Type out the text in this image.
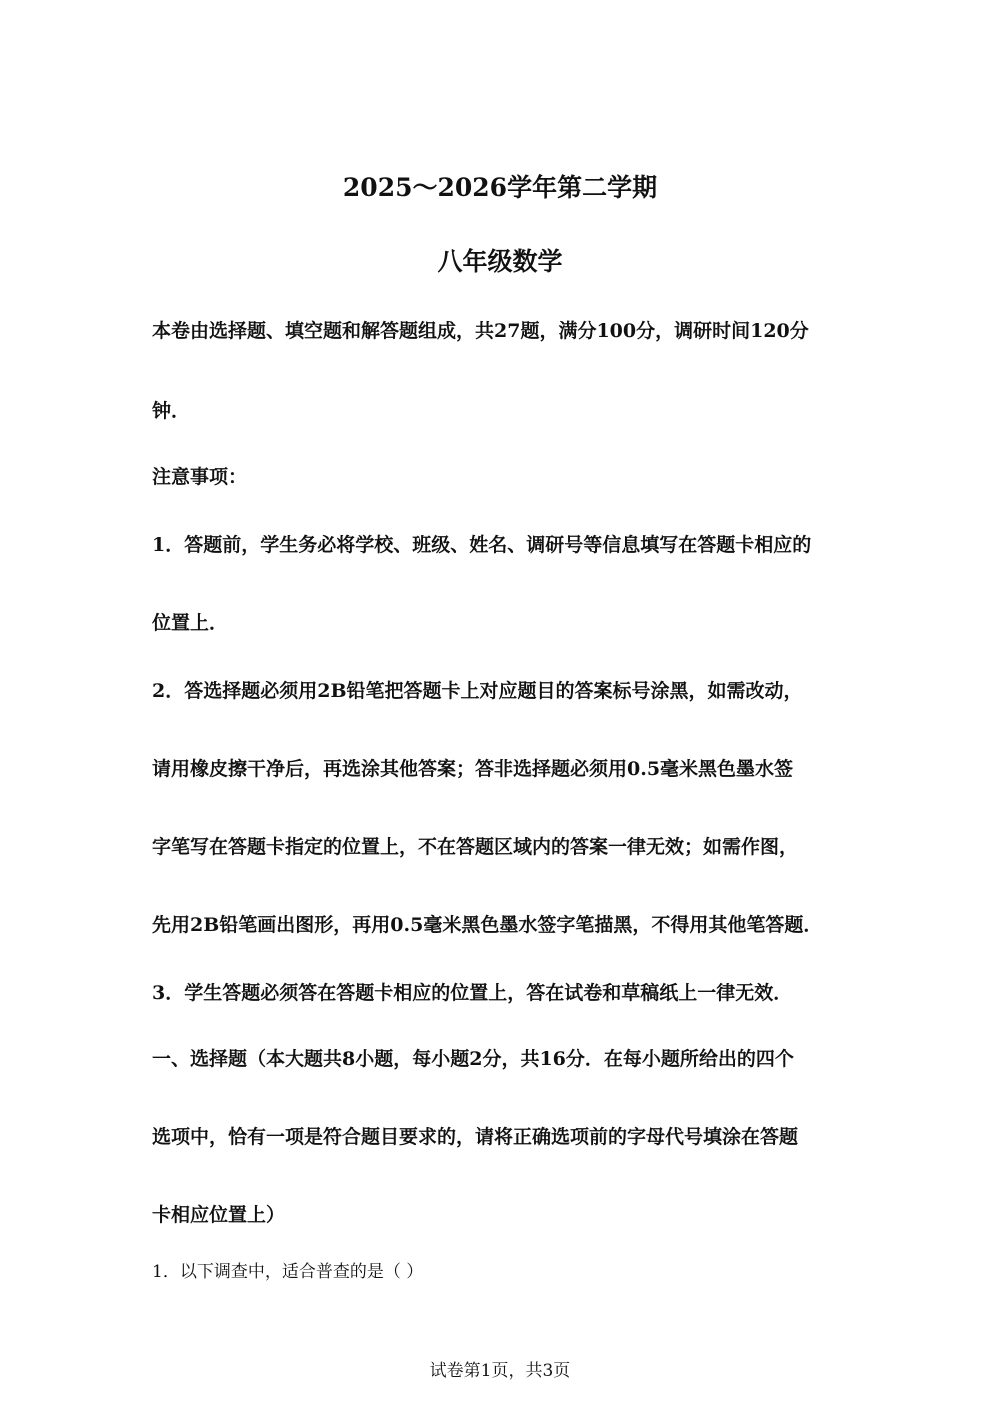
2025～2026学年第二学期
八年级数学
本卷由选择题、填空题和解答题组成，共27题，满分100分，调研时间120分
钟．
注意事项：
1．答题前，学生务必将学校、班级、姓名、调研号等信息填写在答题卡相应的
位置上．
2．答选择题必须用2B铅笔把答题卡上对应题目的答案标号涂黑，如需改动，
请用橡皮擦干净后，再选涂其他答案；答非选择题必须用0.5毫米黑色墨水签
字笔写在答题卡指定的位置上，不在答题区域内的答案一律无效；如需作图，
先用2B铅笔画出图形，再用0.5毫米黑色墨水签字笔描黑，不得用其他笔答题．
3．学生答题必须答在答题卡相应的位置上，答在试卷和草稿纸上一律无效．
一、选择题（本大题共8小题，每小题2分，共16分．在每小题所给出的四个
选项中，恰有一项是符合题目要求的，请将正确选项前的字母代号填涂在答题
卡相应位置上）
1．以下调查中，适合普查的是（ ）
试卷第1页，共3页
